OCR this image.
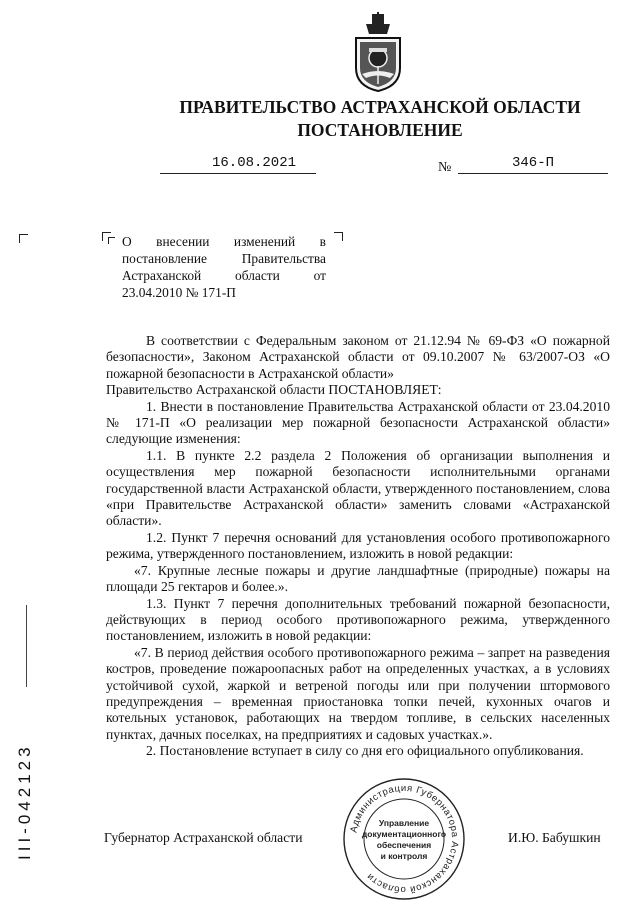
ПРАВИТЕЛЬСТВО АСТРАХАНСКОЙ ОБЛАСТИ
ПОСТАНОВЛЕНИЕ
16.08.2021	№	346-П
О внесении изменений в постановление Правительства Астраханской области от 23.04.2010 № 171-П

В соответствии с Федеральным законом от 21.12.94 № 69-ФЗ «О пожарной безопасности», Законом Астраханской области от 09.10.2007 № 63/2007-ОЗ «О пожарной безопасности в Астраханской области»

Правительство Астраханской области ПОСТАНОВЛЯЕТ:

1. Внести в постановление Правительства Астраханской области от 23.04.2010 № 171-П «О реализации мер пожарной безопасности Астраханской области» следующие изменения:

1.1. В пункте 2.2 раздела 2 Положения об организации выполнения и осуществления мер пожарной безопасности исполнительными органами государственной власти Астраханской области, утвержденного постановлением, слова «при Правительстве Астраханской области» заменить словами «Астраханской области».

1.2. Пункт 7 перечня оснований для установления особого противопожарного режима, утвержденного постановлением, изложить в новой редакции:

«7. Крупные лесные пожары и другие ландшафтные (природные) пожары на площади 25 гектаров и более.».

1.3. Пункт 7 перечня дополнительных требований пожарной безопасности, действующих в период особого противопожарного режима, утвержденного постановлением, изложить в новой редакции:

«7. В период действия особого противопожарного режима – запрет на разведения костров, проведение пожароопасных работ на определенных участках, а в условиях устойчивой сухой, жаркой и ветреной погоды или при получении штормового предупреждения – временная приостановка топки печей, кухонных очагов и котельных установок, работающих на твердом топливе, в сельских населенных пунктах, дачных поселках, на предприятиях и садовых участках.».

2. Постановление вступает в силу со дня его официального опубликования.

Губернатор Астраханской области	И.Ю. Бабушкин
Администрация Губернатора Астраханской области
Управление
документационного
обеспечения
и контроля
III-042123
